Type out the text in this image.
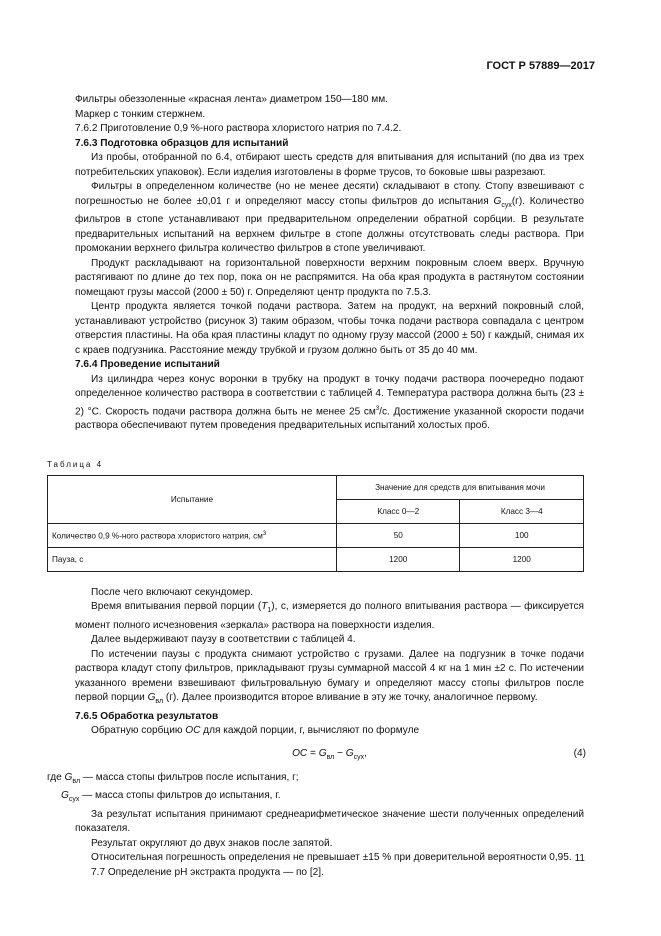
ГОСТ Р 57889—2017

Фильтры обеззоленные «красная лента» диаметром 150—180 мм.

Маркер с тонким стержнем.

7.6.2 Приготовление 0,9 %-ного раствора хлористого натрия по 7.4.2.

7.6.3 Подготовка образцов для испытаний

Из пробы, отобранной по 6.4, отбирают шесть средств для впитывания для испытаний (по два из трех потребительских упаковок). Если изделия изготовлены в форме трусов, то боковые швы разрезают.

Фильтры в определенном количестве (но не менее десяти) складывают в стопу. Стопу взвешивают с погрешностью не более ±0,01 г и определяют массу стопы фильтров до испытания $G_{сух}(г)$. Количество фильтров в стопе устанавливают при предварительном определении обратной сорбции. В результате предварительных испытаний на верхнем фильтре в стопе должны отсутствовать следы раствора. При промокании верхнего фильтра количество фильтров в стопе увеличивают.

Продукт раскладывают на горизонтальной поверхности верхним покровным слоем вверх. Вручную растягивают по длине до тех пор, пока он не распрямится. На оба края продукта в растянутом состоянии помещают грузы массой (2000 ± 50) г. Определяют центр продукта по 7.5.3.

Центр продукта является точкой подачи раствора. Затем на продукт, на верхний покровный слой, устанавливают устройство (рисунок 3) таким образом, чтобы точка подачи раствора совпадала с центром отверстия пластины. На оба края пластины кладут по одному грузу массой (2000 ± 50) г каждый, снимая их с краев подгузника. Расстояние между трубкой и грузом должно быть от 35 до 40 мм.

7.6.4 Проведение испытаний

Из цилиндра через конус воронки в трубку на продукт в точку подачи раствора поочередно подают определенное количество раствора в соответствии с таблицей 4. Температура раствора должна быть (23 ± 2) °С. Скорость подачи раствора должна быть не менее 25 $см^3/с$. Достижение указанной скорости подачи раствора обеспечивают путем проведения предварительных испытаний холостых проб.

Таблица 4
Испытание	Значение для средств для впитывания мочи	
	Класс 0—2	Класс 3—4
Количество 0,9 %-ного раствора хлористого натрия, $см^3$	50	100
Пауза, с	1200	1200

После чего включают секундомер.

Время впитывания первой порции $(T_1)$, с, измеряется до полного впитывания раствора — фиксируется момент полного исчезновения «зеркала» раствора на поверхности изделия.

Далее выдерживают паузу в соответствии с таблицей 4.

По истечении паузы с продукта снимают устройство с грузами. Далее на подгузник в точке подачи раствора кладут стопу фильтров, прикладывают грузы суммарной массой 4 кг на 1 мин ±2 с. По истечении указанного времени взвешивают фильтровальную бумагу и определяют массу стопы фильтров после первой порции $G_{вл}$ (г). Далее производится второе вливание в эту же точку, аналогичное первому.

7.6.5 Обработка результатов

Обратную сорбцию ОС для каждой порции, г, вычисляют по формуле

ОС = $G_{вл} - G_{сух}$,	(4)

где $G_{вл}$ — масса стопы фильтров после испытания, г;

$G_{сух}$ — масса стопы фильтров до испытания, г.

За результат испытания принимают среднеарифметическое значение шести полученных определений показателя.

Результат округляют до двух знаков после запятой.

Относительная погрешность определения не превышает ±15 % при доверительной вероятности 0,95.

7.7 Определение pH экстракта продукта — по [2].

11
